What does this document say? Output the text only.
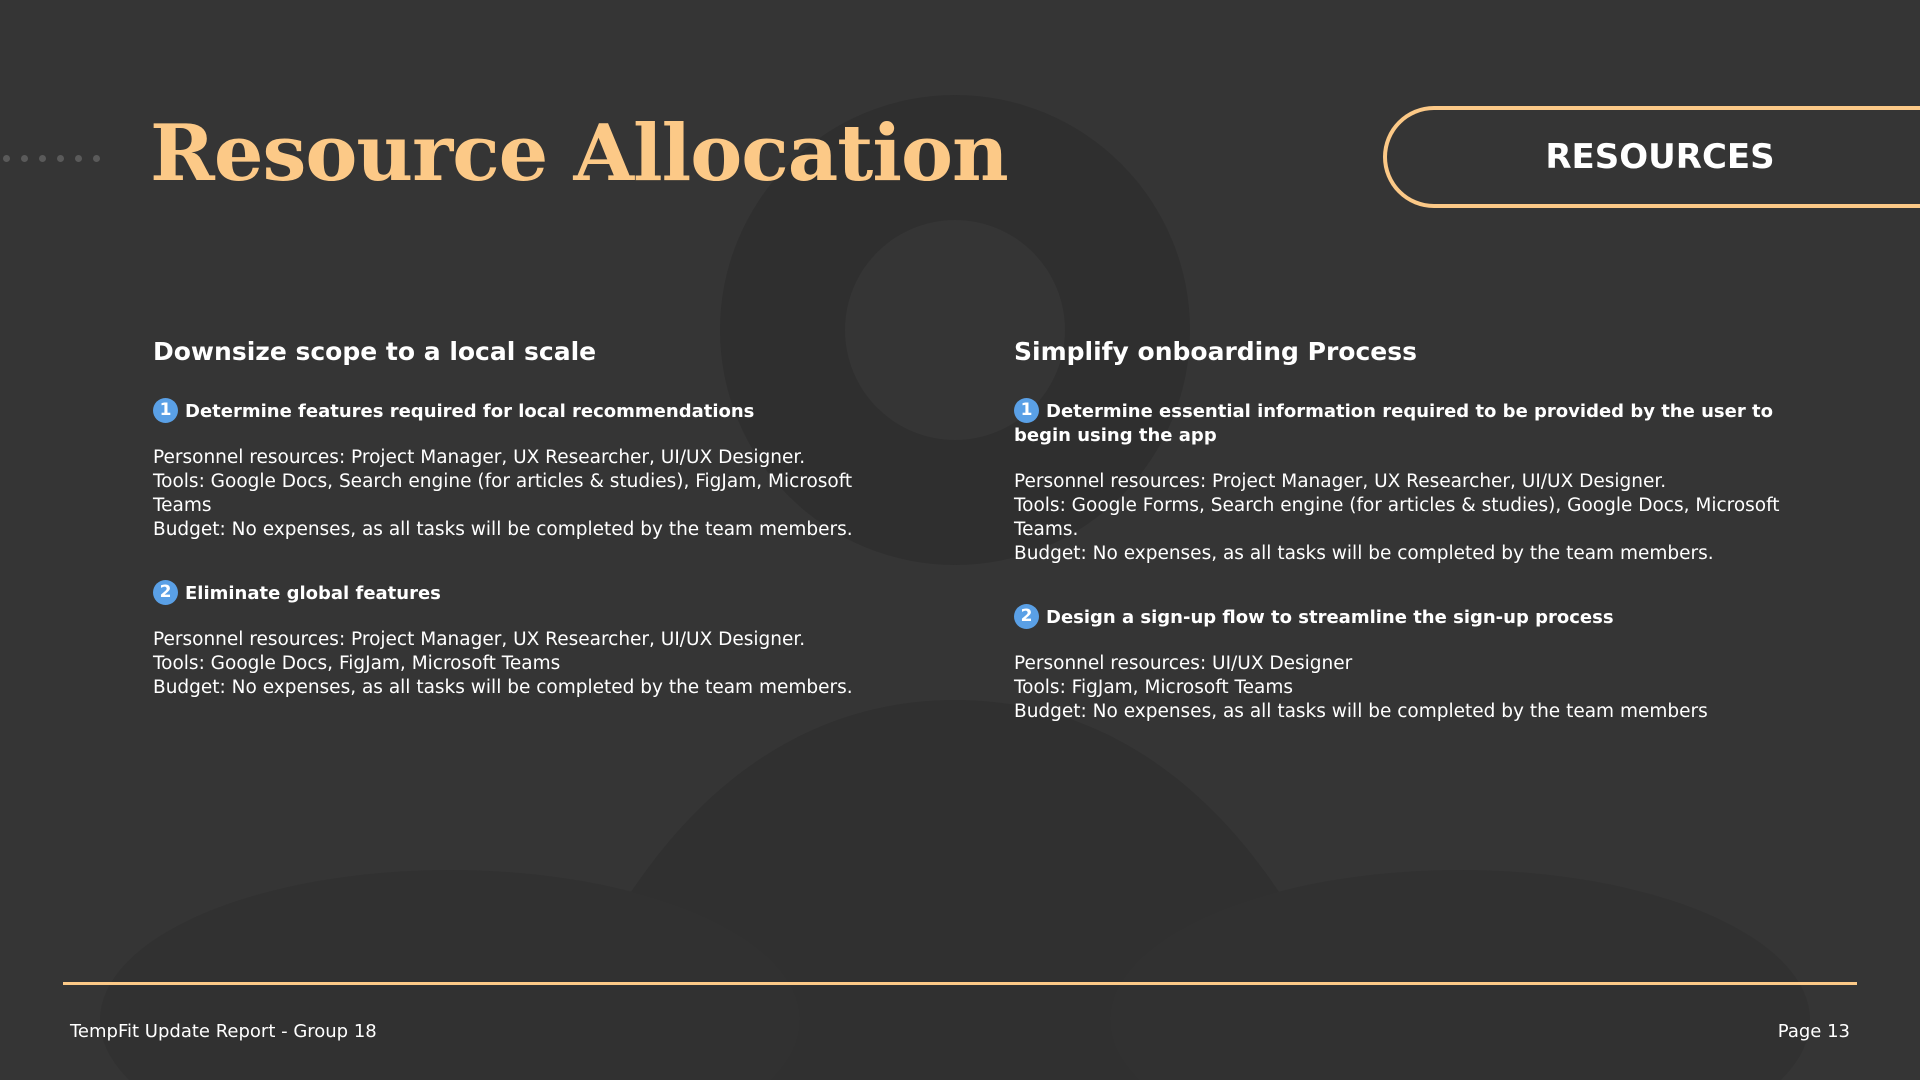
Resource Allocation	RESOURCES
Downsize scope to a local scale
1 Determine features required for local recommendations
Personnel resources: Project Manager, UX Researcher, UI/UX Designer.
Tools: Google Docs, Search engine (for articles & studies), FigJam, Microsoft Teams
Budget: No expenses, as all tasks will be completed by the team members.
2 Eliminate global features
Personnel resources: Project Manager, UX Researcher, UI/UX Designer.
Tools: Google Docs, FigJam, Microsoft Teams
Budget: No expenses, as all tasks will be completed by the team members.
Simplify onboarding Process
1 Determine essential information required to be provided by the user to begin using the app
Personnel resources: Project Manager, UX Researcher, UI/UX Designer.
Tools: Google Forms, Search engine (for articles & studies), Google Docs, Microsoft Teams.
Budget: No expenses, as all tasks will be completed by the team members.
2 Design a sign-up flow to streamline the sign-up process
Personnel resources: UI/UX Designer
Tools: FigJam, Microsoft Teams
Budget: No expenses, as all tasks will be completed by the team members
TempFit Update Report - Group 18	Page 13
